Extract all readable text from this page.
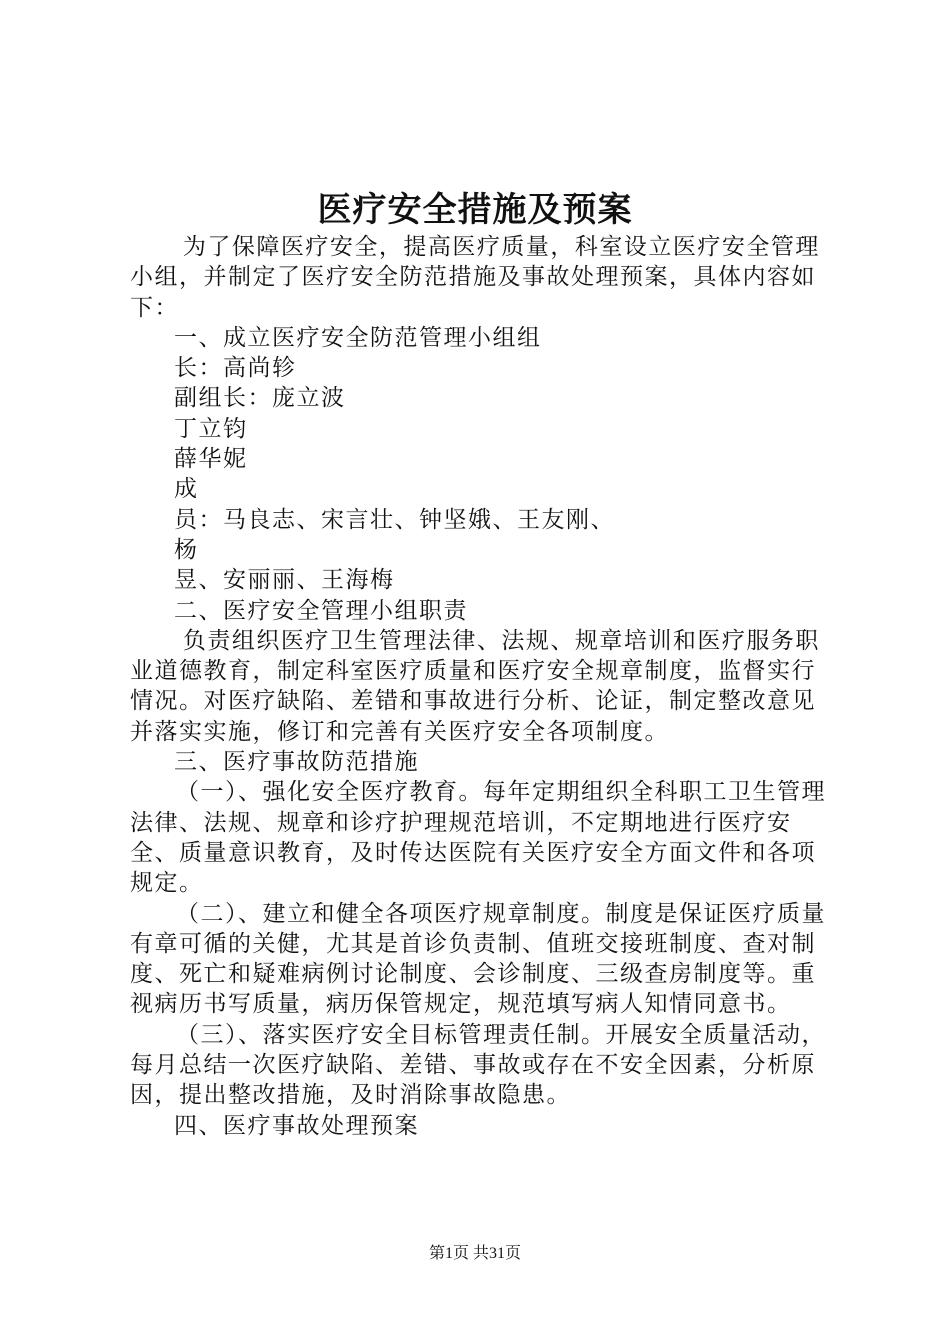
医疗安全措施及预案

为了保障医疗安全，提高医疗质量，科室设立医疗安全管理小组，并制定了医疗安全防范措施及事故处理预案，具体内容如下：

一、成立医疗安全防范管理小组组

长：高尚轸

副组长：庞立波

丁立钧

薛华妮

成

员：马良志、宋言壮、钟坚娥、王友刚、

杨

昱、安丽丽、王海梅

二、医疗安全管理小组职责

负责组织医疗卫生管理法律、法规、规章培训和医疗服务职业道德教育，制定科室医疗质量和医疗安全规章制度，监督实行情况。对医疗缺陷、差错和事故进行分析、论证，制定整改意见并落实实施，修订和完善有关医疗安全各项制度。

三、医疗事故防范措施

（一）、强化安全医疗教育。每年定期组织全科职工卫生管理法律、法规、规章和诊疗护理规范培训，不定期地进行医疗安全、质量意识教育，及时传达医院有关医疗安全方面文件和各项规定。

（二）、建立和健全各项医疗规章制度。制度是保证医疗质量有章可循的关健，尤其是首诊负责制、值班交接班制度、查对制度、死亡和疑难病例讨论制度、会诊制度、三级查房制度等。重视病历书写质量，病历保管规定，规范填写病人知情同意书。

（三）、落实医疗安全目标管理责任制。开展安全质量活动，每月总结一次医疗缺陷、差错、事故或存在不安全因素，分析原因，提出整改措施，及时消除事故隐患。

四、医疗事故处理预案

第1页 共31页
